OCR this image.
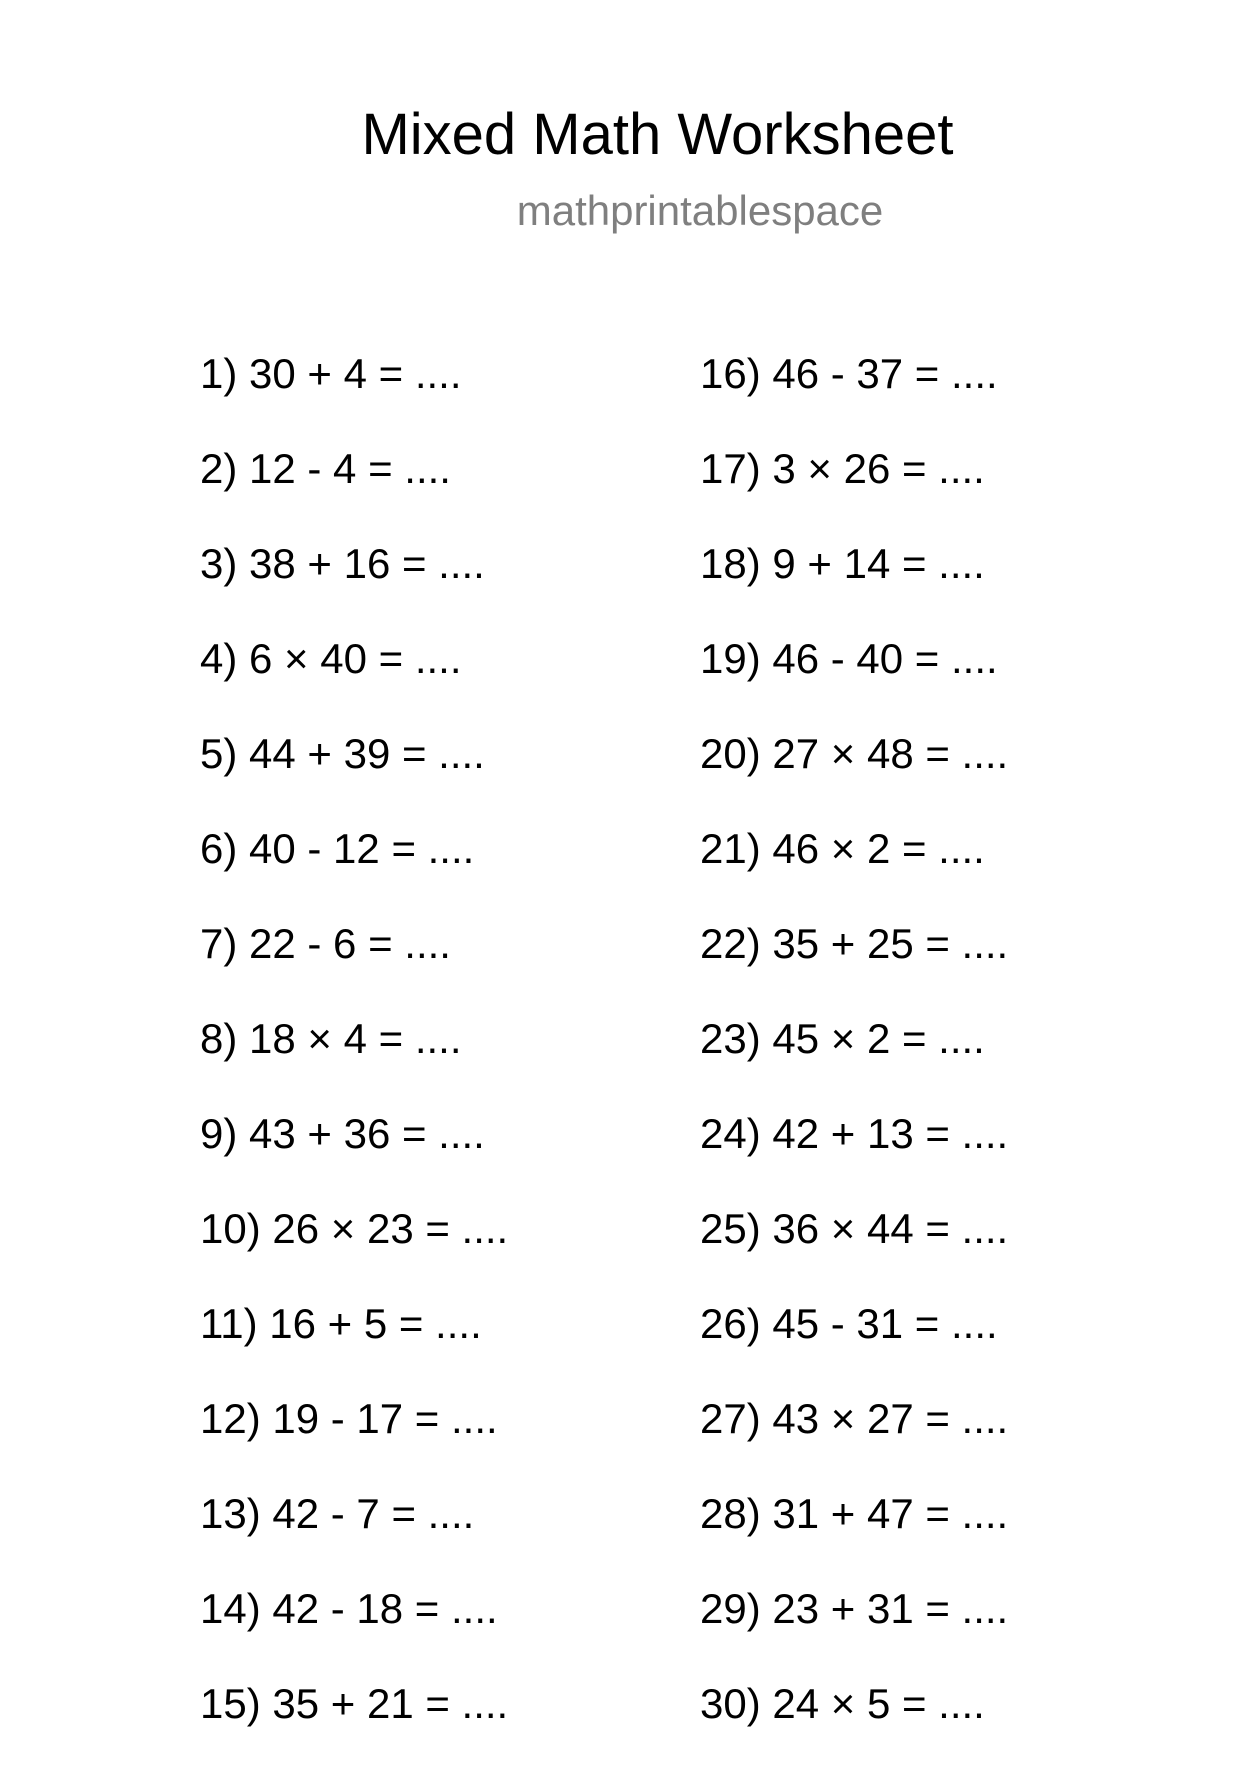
Mixed Math Worksheet
mathprintablespace
1) 30 + 4 = ....
2) 12 - 4 = ....
3) 38 + 16 = ....
4) 6 × 40 = ....
5) 44 + 39 = ....
6) 40 - 12 = ....
7) 22 - 6 = ....
8) 18 × 4 = ....
9) 43 + 36 = ....
10) 26 × 23 = ....
11) 16 + 5 = ....
12) 19 - 17 = ....
13) 42 - 7 = ....
14) 42 - 18 = ....
15) 35 + 21 = ....
16) 46 - 37 = ....
17) 3 × 26 = ....
18) 9 + 14 = ....
19) 46 - 40 = ....
20) 27 × 48 = ....
21) 46 × 2 = ....
22) 35 + 25 = ....
23) 45 × 2 = ....
24) 42 + 13 = ....
25) 36 × 44 = ....
26) 45 - 31 = ....
27) 43 × 27 = ....
28) 31 + 47 = ....
29) 23 + 31 = ....
30) 24 × 5 = ....
